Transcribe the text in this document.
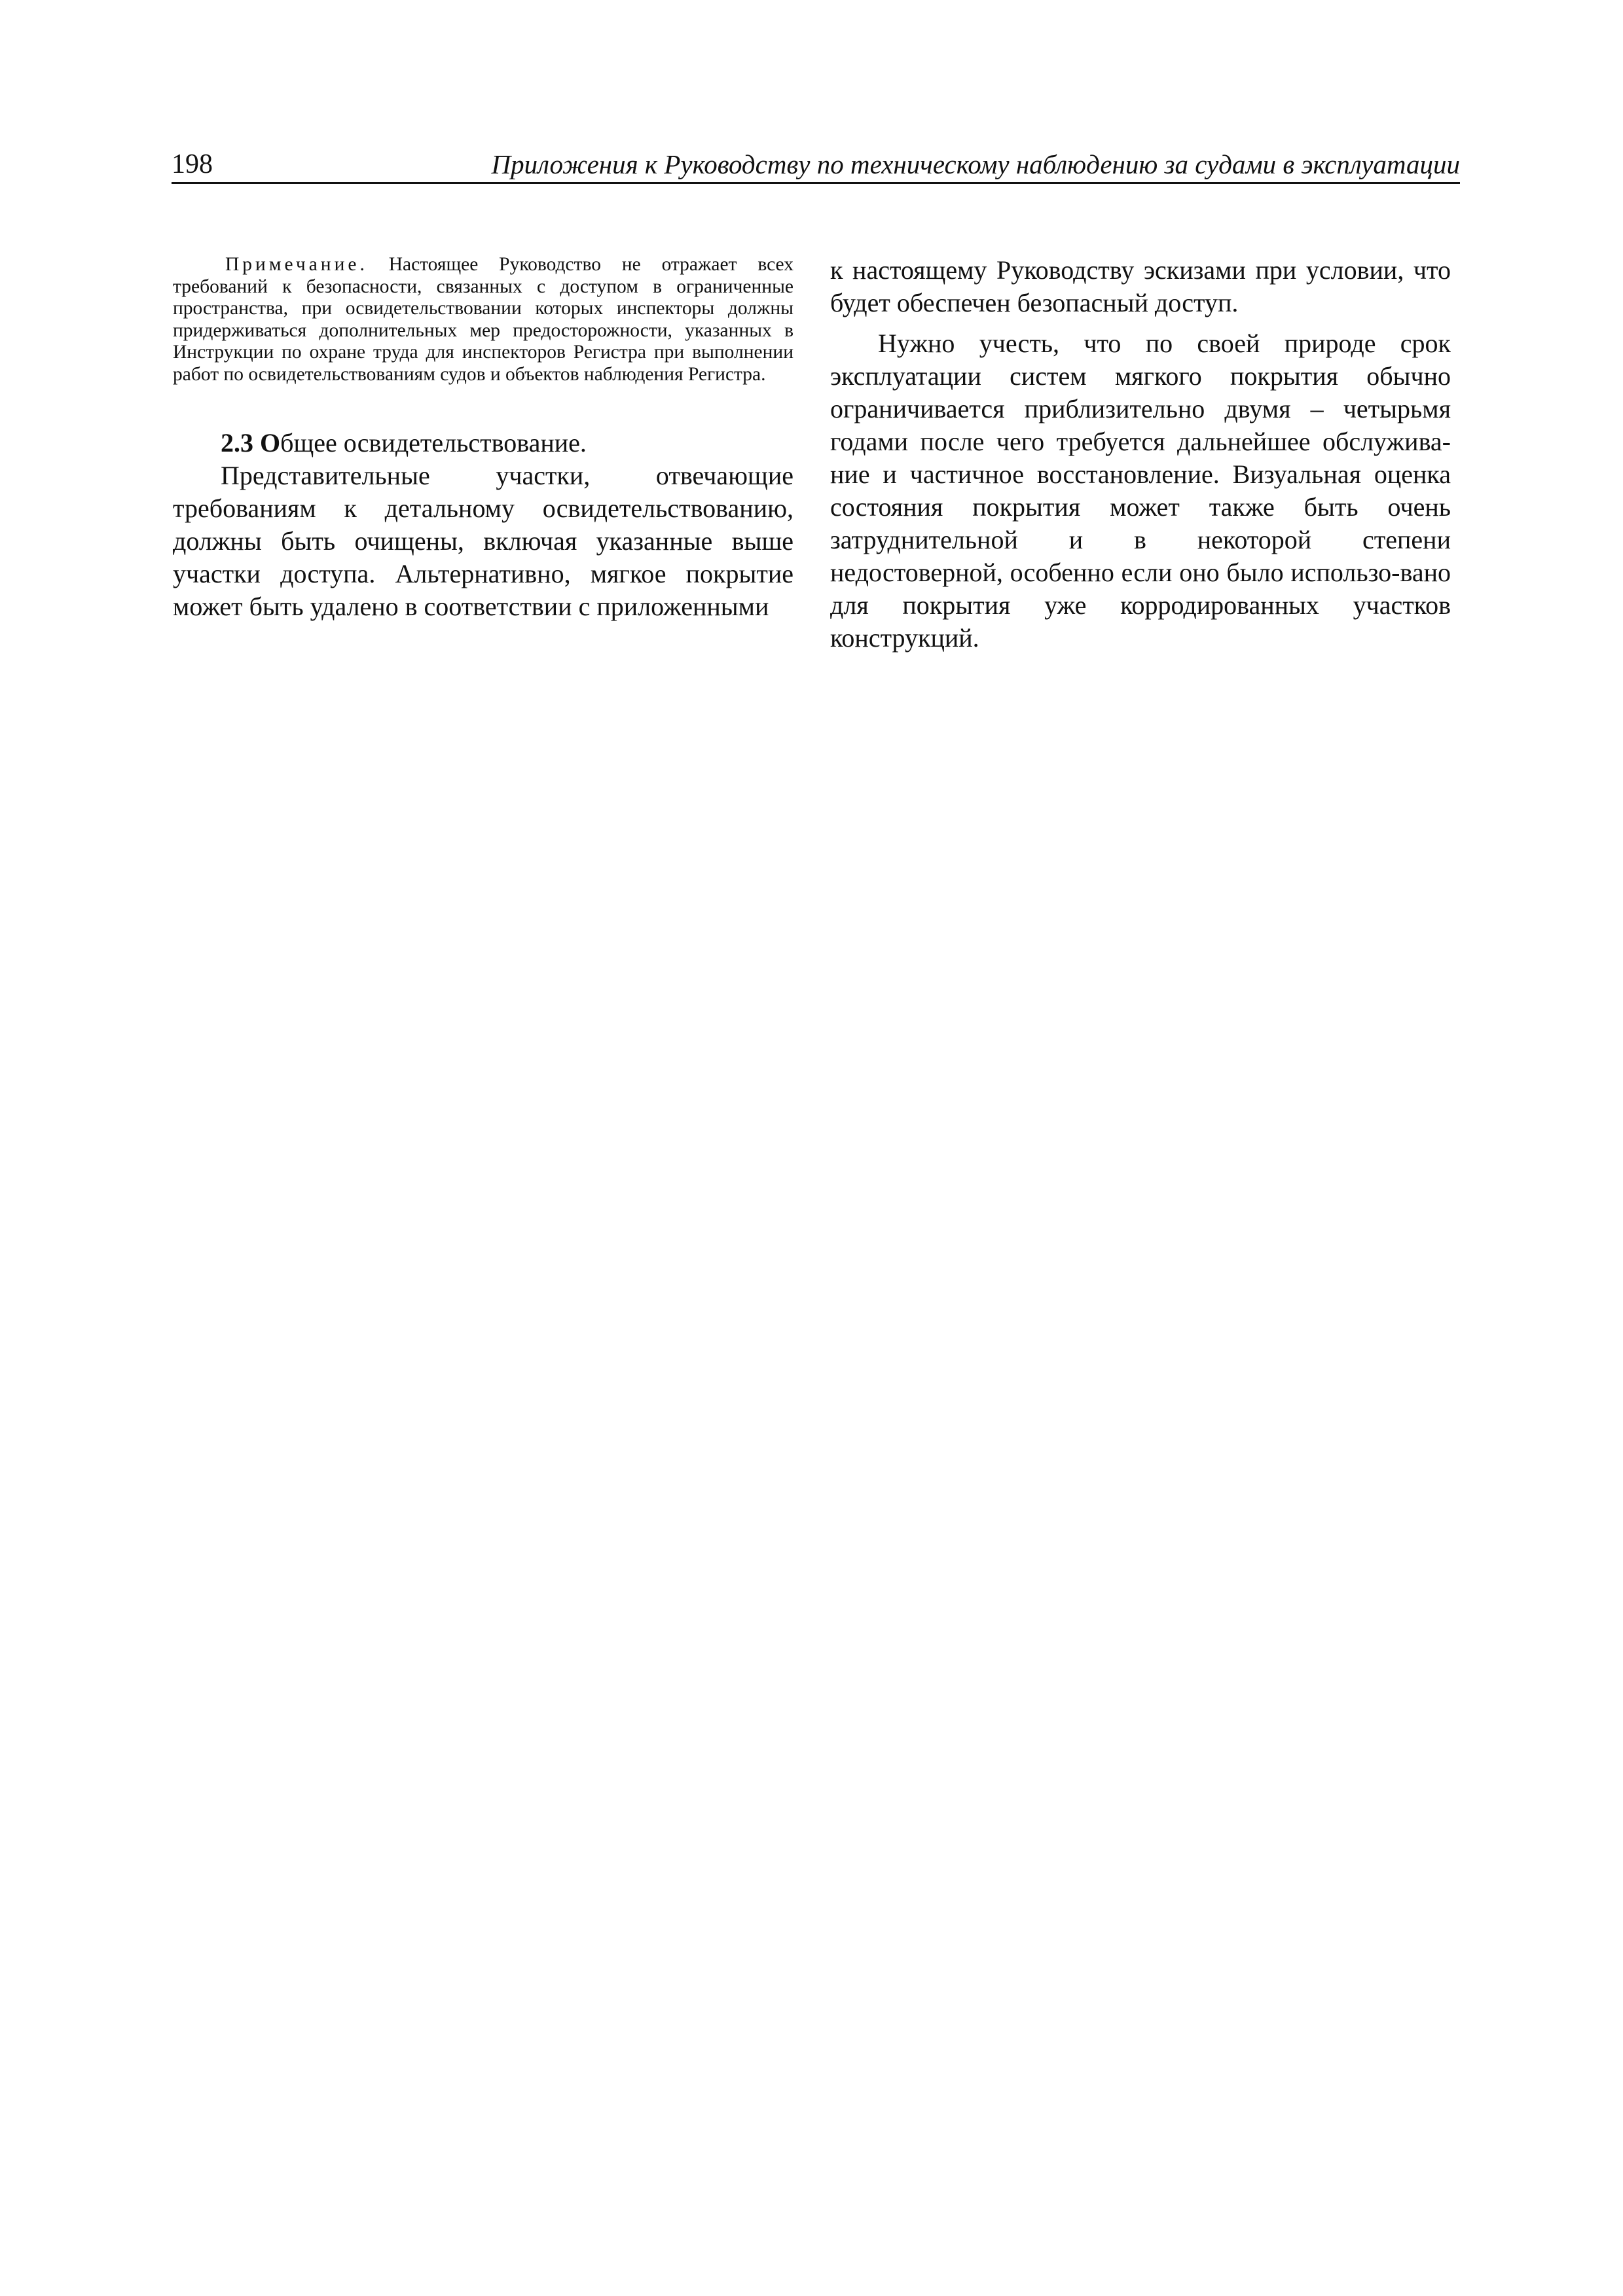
198	Приложения к Руководству по техническому наблюдению за судами в эксплуатации

Примечание. Настоящее Руководство не отражает всех требований к безопасности, связанных с доступом в ограниченные пространства, при освидетельствовании которых инспекторы должны придерживаться дополнительных мер предосторожности, указанных в Инструкции по охране труда для инспекторов Регистра при выполнении работ по освидетельствованиям судов и объектов наблюдения Регистра.

2.3 Общее освидетельствование.

Представительные участки, отвечающие требованиям к детальному освидетельствованию, должны быть очищены, включая указанные выше участки доступа. Альтернативно, мягкое покрытие может быть удалено в соответствии с приложенными

к настоящему Руководству эскизами при условии, что будет обеспечен безопасный доступ.

Нужно учесть, что по своей природе срок эксплуатации систем мягкого покрытия обычно ограничивается приблизительно двумя – четырьмя годами после чего требуется дальнейшее обслужива-ние и частичное восстановление. Визуальная оценка состояния покрытия может также быть очень затруднительной и в некоторой степени недостоверной, особенно если оно было использо-вано для покрытия уже корродированных участков конструкций.
